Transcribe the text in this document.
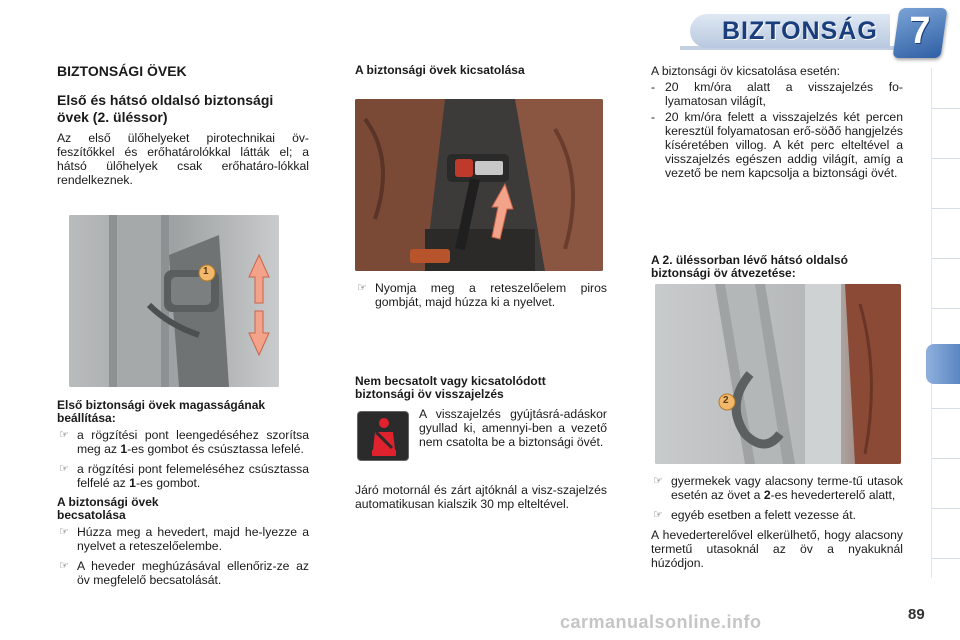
BIZTONSÁG 7
BIZTONSÁGI ÖVEK
Első és hátsó oldalsó biztonsági övek (2. üléssor)

Az első ülőhelyeket pirotechnikai öv-feszítőkkel és erőhatárolókkal látták el; a hátsó ülőhelyek csak erőhatáro-lókkal rendelkeznek.

1
Első biztonsági övek magasságának beállítása:
☞ a rögzítési pont leengedéséhez szorítsa meg az 1-es gombot és csúsztassa lefelé.
☞ a rögzítési pont felemeléséhez csúsztassa felfelé az 1-es gombot.
A biztonsági övek becsatolása
☞ Húzza meg a hevedert, majd he-lyezze a nyelvet a reteszelőelembe.
☞ A heveder meghúzásával ellenőriz-ze az öv megfelelő becsatolását.
A biztonsági övek kicsatolása
☞ Nyomja meg a reteszelőelem piros gombját, majd húzza ki a nyelvet.
Nem becsatolt vagy kicsatolódott biztonsági öv visszajelzés

A visszajelzés gyújtásrá-adáskor gyullad ki, amennyi-ben a vezető nem csatolta be a biztonsági övét.

Járó motornál és zárt ajtóknál a visz-szajelzés automatikusan kialszik 30 mp elteltével.

A biztonsági öv kicsatolása esetén:

- 20 km/óra alatt a visszajelzés fo-lyamatosan világít,
- 20 km/óra felett a visszajelzés két percen keresztül folyamatosan erő-söðő hangjelzés kíséretében villog. A két perc elteltével a visszajelzés egészen addig világít, amíg a vezető be nem kapcsolja a biztonsági övét.
A 2. üléssorban lévő hátsó oldalsó biztonsági öv átvezetése:
2
☞ gyermekek vagy alacsony terme-tű utasok esetén az övet a 2-es hevederterelő alatt,
☞ egyéb esetben a felett vezesse át.

A hevederterelővel elkerülhető, hogy alacsony termetű utasoknál az öv a nyakuknál húzódjon.

carmanualsonline.info	89
